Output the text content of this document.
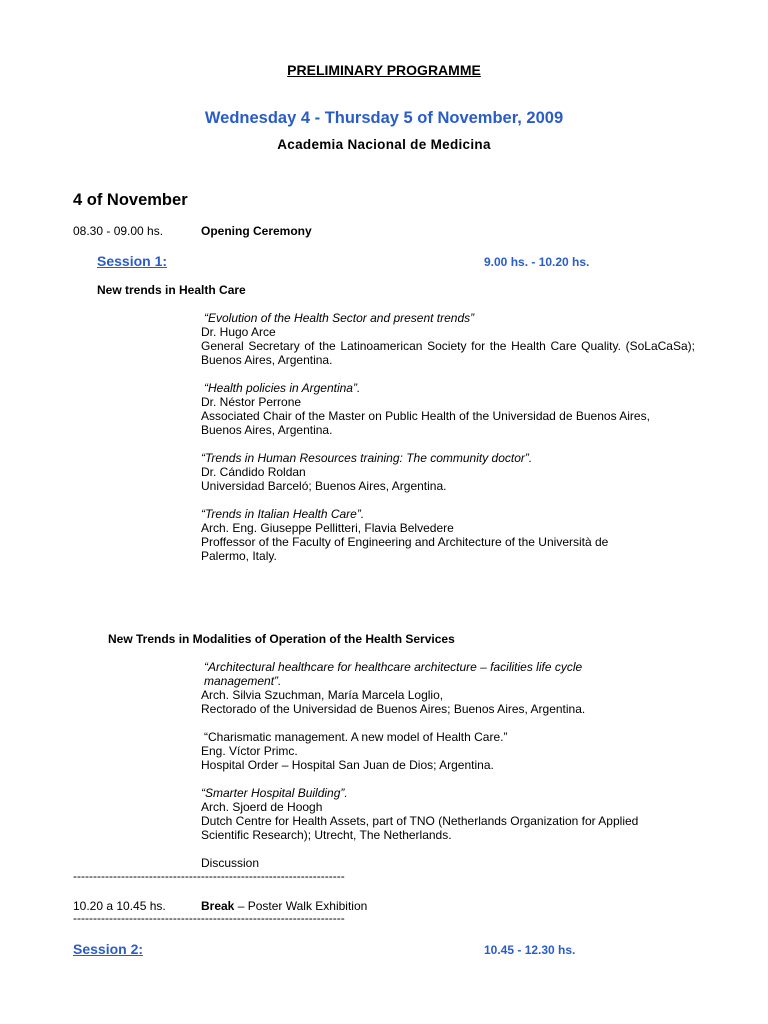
PRELIMINARY PROGRAMME
Wednesday 4 - Thursday 5 of November, 2009
Academia Nacional de Medicina
4 of November
08.30 - 09.00 hs.	Opening Ceremony
Session 1:	9.00 hs. - 10.20 hs.
New trends in Health Care
“Evolution of the Health Sector and present trends”
Dr. Hugo Arce
General Secretary of the Latinoamerican Society for the Health Care Quality. (SoLaCaSa); Buenos Aires, Argentina.
“Health policies in Argentina”.
Dr. Néstor Perrone
Associated Chair of the Master on Public Health of the Universidad de Buenos Aires, Buenos Aires, Argentina.
“Trends in Human Resources training: The community doctor”.
Dr. Cándido Roldan
Universidad Barceló; Buenos Aires, Argentina.
“Trends in Italian Health Care”.
Arch. Eng. Giuseppe Pellitteri, Flavia Belvedere
Proffessor of the Faculty of Engineering and Architecture of the Università de Palermo, Italy.
New Trends in Modalities of Operation of the Health Services
“Architectural healthcare for healthcare architecture – facilities life cycle management”.
Arch. Silvia Szuchman, María Marcela Loglio,
Rectorado of the Universidad de Buenos Aires; Buenos Aires, Argentina.
“Charismatic management. A new model of Health Care.”
Eng. Víctor Primc.
Hospital Order – Hospital San Juan de Dios; Argentina.
“Smarter Hospital Building”.
Arch. Sjoerd de Hoogh
Dutch Centre for Health Assets, part of TNO (Netherlands Organization for Applied Scientific Research); Utrecht, The Netherlands.
Discussion
--------------------------------------------------------------------
10.20 a 10.45 hs.	Break – Poster Walk Exhibition
--------------------------------------------------------------------
Session 2:	10.45 - 12.30 hs.
